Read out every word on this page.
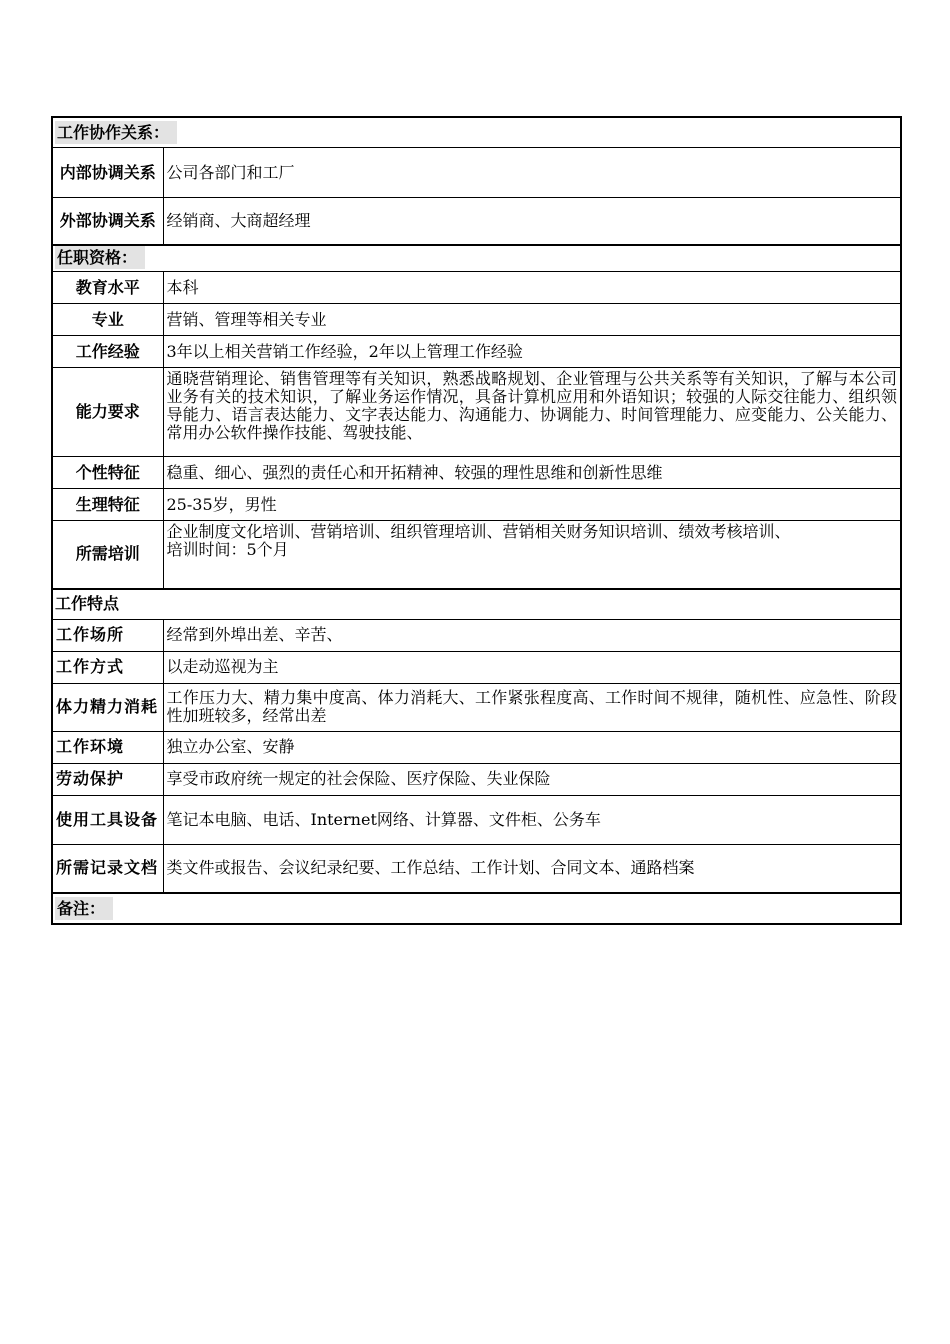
工作协作关系：	
内部协调关系	公司各部门和工厂
外部协调关系	经销商、大商超经理
任职资格：	
教育水平	本科
专业	营销、管理等相关专业
工作经验	3年以上相关营销工作经验，2年以上管理工作经验
能力要求	通晓营销理论、销售管理等有关知识，熟悉战略规划、企业管理与公共关系等有关知识，了解与本公司业务有关的技术知识，了解业务运作情况，具备计算机应用和外语知识；较强的人际交往能力、组织领导能力、语言表达能力、文字表达能力、沟通能力、协调能力、时间管理能力、应变能力、公关能力、常用办公软件操作技能、驾驶技能、
个性特征	稳重、细心、强烈的责任心和开拓精神、较强的理性思维和创新性思维
生理特征	25-35岁，男性
所需培训	企业制度文化培训、营销培训、组织管理培训、营销相关财务知识培训、绩效考核培训、
培训时间：5个月

工作特点	
工作场所	经常到外埠出差、辛苦、
工作方式	以走动巡视为主
体力精力消耗	工作压力大、精力集中度高、体力消耗大、工作紧张程度高、工作时间不规律，随机性、应急性、阶段性加班较多，经常出差
工作环境	独立办公室、安静
劳动保护	享受市政府统一规定的社会保险、医疗保险、失业保险
使用工具设备	笔记本电脑、电话、Internet网络、计算器、文件柜、公务车
所需记录文档	类文件或报告、会议纪录纪要、工作总结、工作计划、合同文本、通路档案
备注：	
